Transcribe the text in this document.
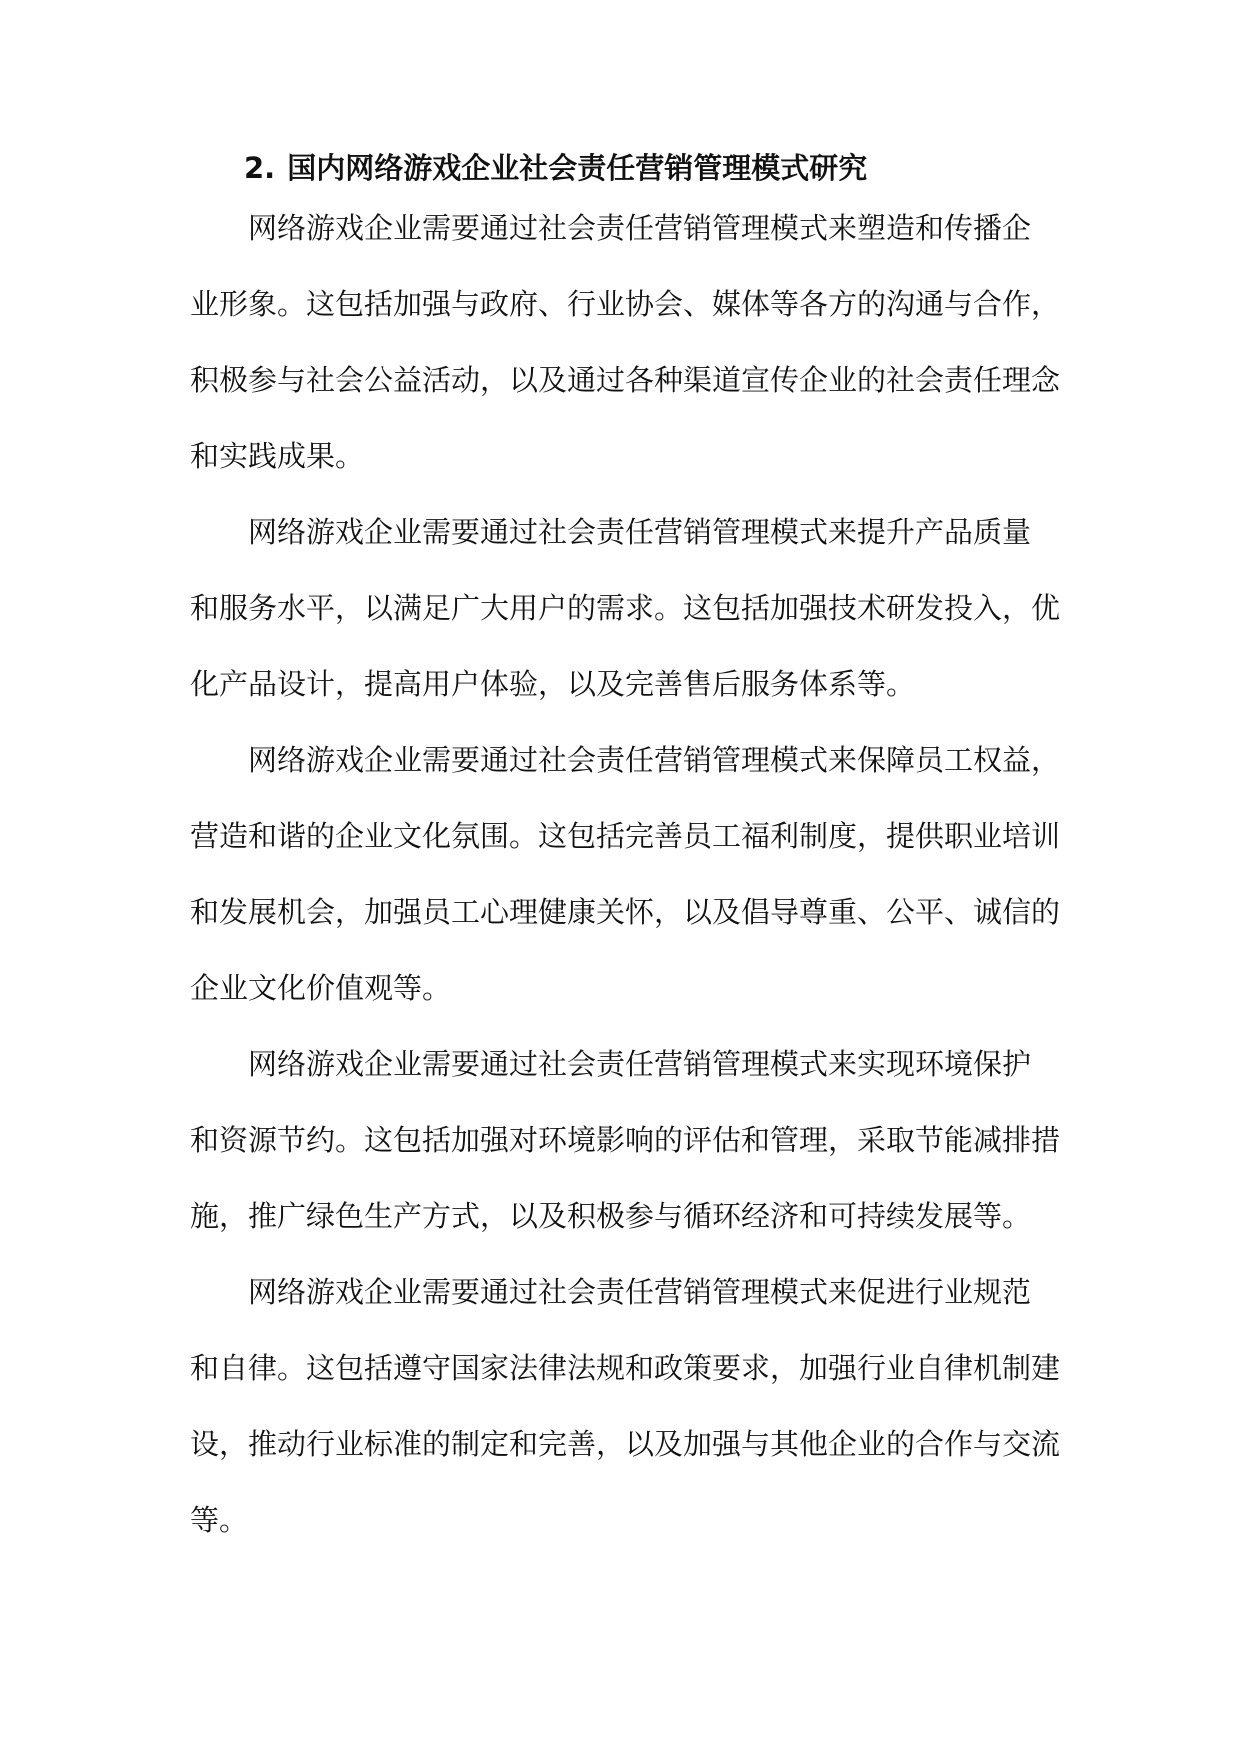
2. 国内网络游戏企业社会责任营销管理模式研究
网络游戏企业需要通过社会责任营销管理模式来塑造和传播企
业形象。这包括加强与政府、行业协会、媒体等各方的沟通与合作，
积极参与社会公益活动，以及通过各种渠道宣传企业的社会责任理念
和实践成果。
网络游戏企业需要通过社会责任营销管理模式来提升产品质量
和服务水平，以满足广大用户的需求。这包括加强技术研发投入，优
化产品设计，提高用户体验，以及完善售后服务体系等。
网络游戏企业需要通过社会责任营销管理模式来保障员工权益，
营造和谐的企业文化氛围。这包括完善员工福利制度，提供职业培训
和发展机会，加强员工心理健康关怀，以及倡导尊重、公平、诚信的
企业文化价值观等。
网络游戏企业需要通过社会责任营销管理模式来实现环境保护
和资源节约。这包括加强对环境影响的评估和管理，采取节能减排措
施，推广绿色生产方式，以及积极参与循环经济和可持续发展等。
网络游戏企业需要通过社会责任营销管理模式来促进行业规范
和自律。这包括遵守国家法律法规和政策要求，加强行业自律机制建
设，推动行业标准的制定和完善，以及加强与其他企业的合作与交流
等。
